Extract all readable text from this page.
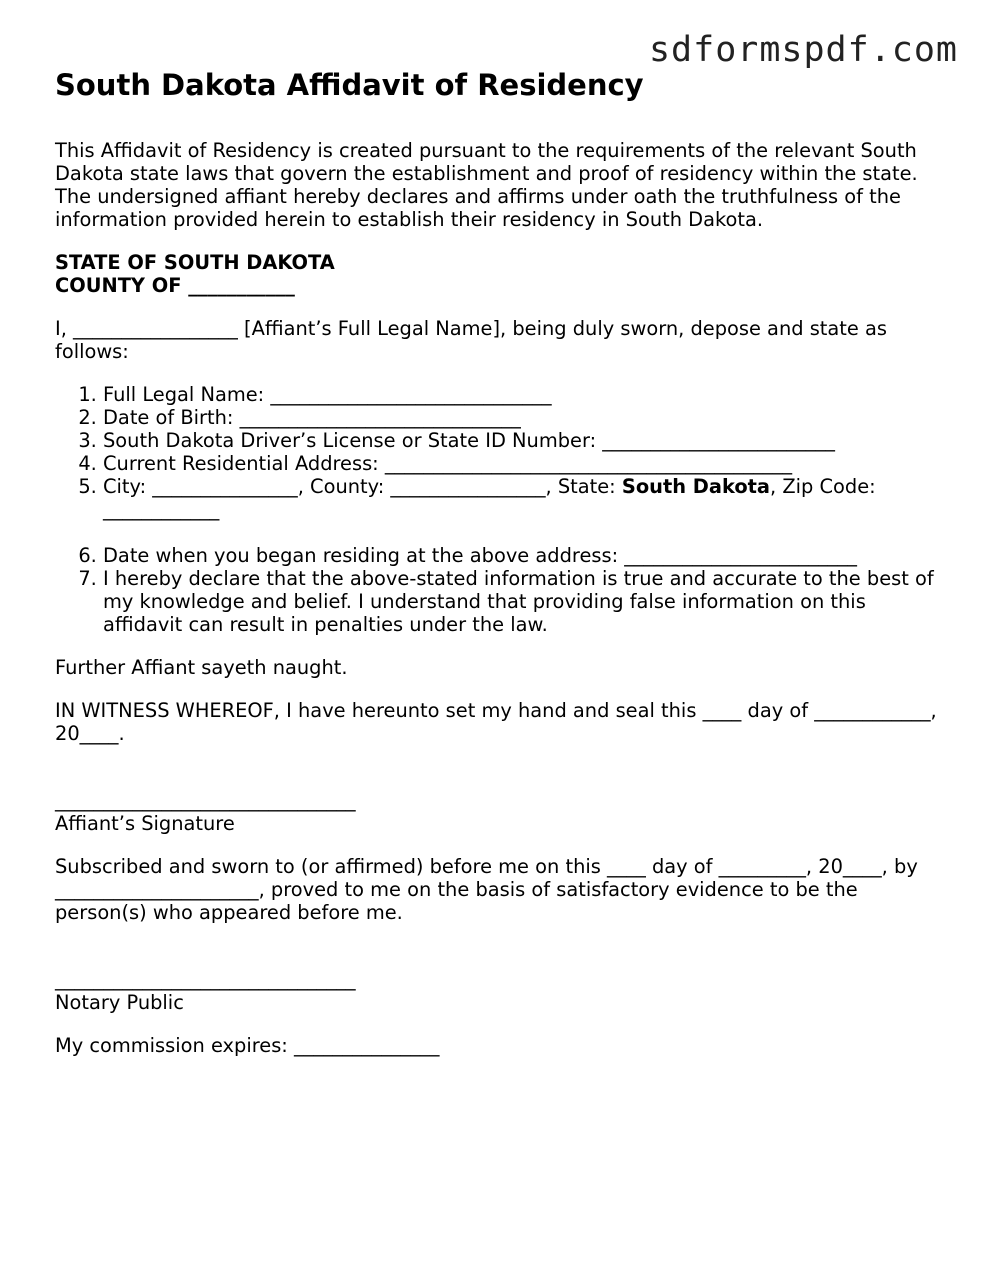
sdformspdf.com
South Dakota Affidavit of Residency

This Affidavit of Residency is created pursuant to the requirements of the relevant South Dakota state laws that govern the establishment and proof of residency within the state. The undersigned affiant hereby declares and affirms under oath the truthfulness of the information provided herein to establish their residency in South Dakota.

STATE OF SOUTH DAKOTA
COUNTY OF ___________

I, _________________ [Affiant’s Full Legal Name], being duly sworn, depose and state as follows:

1. Full Legal Name: _____________________________
2. Date of Birth: _____________________________
3. South Dakota Driver’s License or State ID Number: ________________________
4. Current Residential Address: __________________________________________
5. City: _______________, County: ________________, State: South Dakota, Zip Code:
____________
6. Date when you began residing at the above address: ________________________
7. I hereby declare that the above-stated information is true and accurate to the best of my knowledge and belief. I understand that providing false information on this affidavit can result in penalties under the law.

Further Affiant sayeth naught.

IN WITNESS WHEREOF, I have hereunto set my hand and seal this ____ day of ____________, 20____.

_______________________________
Affiant’s Signature

Subscribed and sworn to (or affirmed) before me on this ____ day of _________, 20____, by _____________________, proved to me on the basis of satisfactory evidence to be the person(s) who appeared before me.

_______________________________
Notary Public

My commission expires: _______________
